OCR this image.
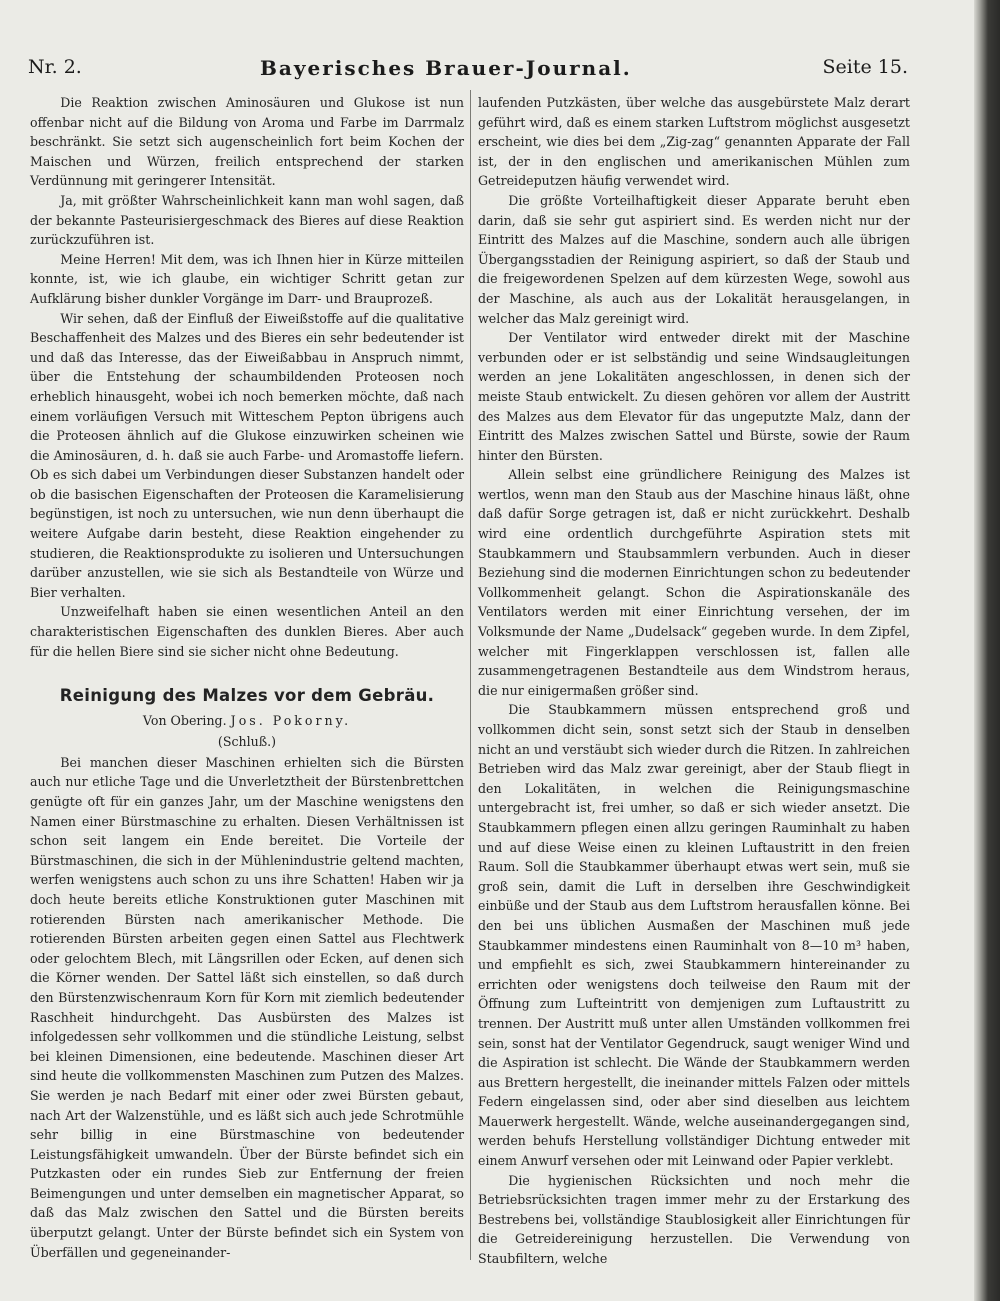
Nr. 2.	Bayerisches Brauer-Journal.	Seite 15.

Die Reaktion zwischen Aminosäuren und Glukose ist nun offenbar nicht auf die Bildung von Aroma und Farbe im Darrmalz beschränkt. Sie setzt sich augenscheinlich fort beim Kochen der Maischen und Würzen, freilich entsprechend der starken Verdünnung mit geringerer Intensität.

Ja, mit größter Wahrscheinlichkeit kann man wohl sagen, daß der bekannte Pasteurisiergeschmack des Bieres auf diese Reaktion zurückzuführen ist.

Meine Herren! Mit dem, was ich Ihnen hier in Kürze mitteilen konnte, ist, wie ich glaube, ein wichtiger Schritt getan zur Aufklärung bisher dunkler Vorgänge im Darr- und Brauprozeß.

Wir sehen, daß der Einfluß der Eiweißstoffe auf die qualitative Beschaffenheit des Malzes und des Bieres ein sehr bedeutender ist und daß das Interesse, das der Eiweißabbau in Anspruch nimmt, über die Entstehung der schaumbildenden Proteosen noch erheblich hinausgeht, wobei ich noch bemerken möchte, daß nach einem vorläufigen Versuch mit Witteschem Pepton übrigens auch die Proteosen ähnlich auf die Glukose einzuwirken scheinen wie die Aminosäuren, d. h. daß sie auch Farbe- und Aromastoffe liefern. Ob es sich dabei um Verbindungen dieser Substanzen handelt oder ob die basischen Eigenschaften der Proteosen die Karamelisierung begünstigen, ist noch zu untersuchen, wie nun denn überhaupt die weitere Aufgabe darin besteht, diese Reaktion eingehender zu studieren, die Reaktionsprodukte zu isolieren und Untersuchungen darüber anzustellen, wie sie sich als Bestandteile von Würze und Bier verhalten.

Unzweifelhaft haben sie einen wesentlichen Anteil an den charakteristischen Eigenschaften des dunklen Bieres. Aber auch für die hellen Biere sind sie sicher nicht ohne Bedeutung.

Reinigung des Malzes vor dem Gebräu.
Von Obering. Jos. Pokorny.
(Schluß.)

Bei manchen dieser Maschinen erhielten sich die Bürsten auch nur etliche Tage und die Unverletztheit der Bürstenbrettchen genügte oft für ein ganzes Jahr, um der Maschine wenigstens den Namen einer Bürstmaschine zu erhalten. Diesen Verhältnissen ist schon seit langem ein Ende bereitet. Die Vorteile der Bürstmaschinen, die sich in der Mühlenindustrie geltend machten, werfen wenigstens auch schon zu uns ihre Schatten! Haben wir ja doch heute bereits etliche Konstruktionen guter Maschinen mit rotierenden Bürsten nach amerikanischer Methode. Die rotierenden Bürsten arbeiten gegen einen Sattel aus Flechtwerk oder gelochtem Blech, mit Längsrillen oder Ecken, auf denen sich die Körner wenden. Der Sattel läßt sich einstellen, so daß durch den Bürstenzwischenraum Korn für Korn mit ziemlich bedeutender Raschheit hindurchgeht. Das Ausbürsten des Malzes ist infolgedessen sehr vollkommen und die stündliche Leistung, selbst bei kleinen Dimensionen, eine bedeutende. Maschinen dieser Art sind heute die vollkommensten Maschinen zum Putzen des Malzes. Sie werden je nach Bedarf mit einer oder zwei Bürsten gebaut, nach Art der Walzenstühle, und es läßt sich auch jede Schrotmühle sehr billig in eine Bürstmaschine von bedeutender Leistungsfähigkeit umwandeln. Über der Bürste befindet sich ein Putzkasten oder ein rundes Sieb zur Entfernung der freien Beimengungen und unter demselben ein magnetischer Apparat, so daß das Malz zwischen den Sattel und die Bürsten bereits überputzt gelangt. Unter der Bürste befindet sich ein System von Überfällen und gegeneinander-

laufenden Putzkästen, über welche das ausgebürstete Malz derart geführt wird, daß es einem starken Luftstrom möglichst ausgesetzt erscheint, wie dies bei dem „Zig-zag“ genannten Apparate der Fall ist, der in den englischen und amerikanischen Mühlen zum Getreideputzen häufig verwendet wird.

Die größte Vorteilhaftigkeit dieser Apparate beruht eben darin, daß sie sehr gut aspiriert sind. Es werden nicht nur der Eintritt des Malzes auf die Maschine, sondern auch alle übrigen Übergangsstadien der Reinigung aspiriert, so daß der Staub und die freigewordenen Spelzen auf dem kürzesten Wege, sowohl aus der Maschine, als auch aus der Lokalität herausgelangen, in welcher das Malz gereinigt wird.

Der Ventilator wird entweder direkt mit der Maschine verbunden oder er ist selbständig und seine Windsaugleitungen werden an jene Lokalitäten angeschlossen, in denen sich der meiste Staub entwickelt. Zu diesen gehören vor allem der Austritt des Malzes aus dem Elevator für das ungeputzte Malz, dann der Eintritt des Malzes zwischen Sattel und Bürste, sowie der Raum hinter den Bürsten.

Allein selbst eine gründlichere Reinigung des Malzes ist wertlos, wenn man den Staub aus der Maschine hinaus läßt, ohne daß dafür Sorge getragen ist, daß er nicht zurückkehrt. Deshalb wird eine ordentlich durchgeführte Aspiration stets mit Staubkammern und Staubsammlern verbunden. Auch in dieser Beziehung sind die modernen Einrichtungen schon zu bedeutender Vollkommenheit gelangt. Schon die Aspirationskanäle des Ventilators werden mit einer Einrichtung versehen, der im Volksmunde der Name „Dudelsack“ gegeben wurde. In dem Zipfel, welcher mit Fingerklappen verschlossen ist, fallen alle zusammengetragenen Bestandteile aus dem Windstrom heraus, die nur einigermaßen größer sind.

Die Staubkammern müssen entsprechend groß und vollkommen dicht sein, sonst setzt sich der Staub in denselben nicht an und verstäubt sich wieder durch die Ritzen. In zahlreichen Betrieben wird das Malz zwar gereinigt, aber der Staub fliegt in den Lokalitäten, in welchen die Reinigungsmaschine untergebracht ist, frei umher, so daß er sich wieder ansetzt. Die Staubkammern pflegen einen allzu geringen Rauminhalt zu haben und auf diese Weise einen zu kleinen Luftaustritt in den freien Raum. Soll die Staubkammer überhaupt etwas wert sein, muß sie groß sein, damit die Luft in derselben ihre Geschwindigkeit einbüße und der Staub aus dem Luftstrom herausfallen könne. Bei den bei uns üblichen Ausmaßen der Maschinen muß jede Staubkammer mindestens einen Rauminhalt von 8—10 m³ haben, und empfiehlt es sich, zwei Staubkammern hintereinander zu errichten oder wenigstens doch teilweise den Raum mit der Öffnung zum Lufteintritt von demjenigen zum Luftaustritt zu trennen. Der Austritt muß unter allen Umständen vollkommen frei sein, sonst hat der Ventilator Gegendruck, saugt weniger Wind und die Aspiration ist schlecht. Die Wände der Staubkammern werden aus Brettern hergestellt, die ineinander mittels Falzen oder mittels Federn eingelassen sind, oder aber sind dieselben aus leichtem Mauerwerk hergestellt. Wände, welche auseinandergegangen sind, werden behufs Herstellung vollständiger Dichtung entweder mit einem Anwurf versehen oder mit Leinwand oder Papier verklebt.

Die hygienischen Rücksichten und noch mehr die Betriebsrücksichten tragen immer mehr zu der Erstarkung des Bestrebens bei, vollständige Staublosigkeit aller Einrichtungen für die Getreidereinigung herzustellen. Die Verwendung von Staubfiltern, welche
